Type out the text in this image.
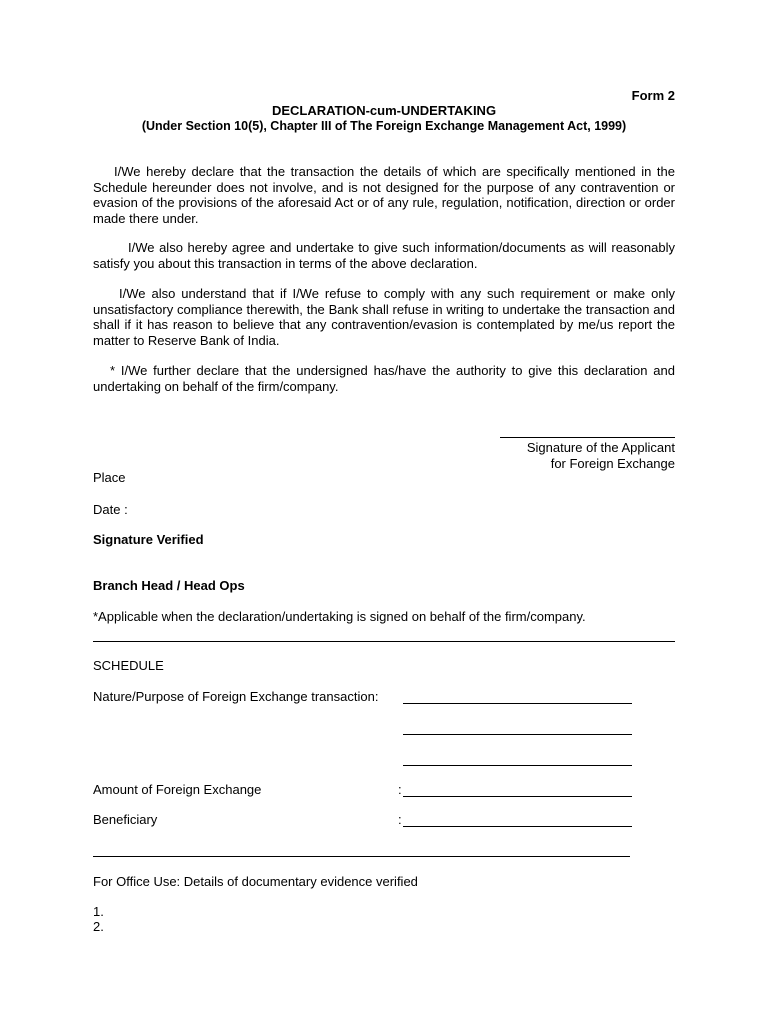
Form 2
DECLARATION-cum-UNDERTAKING
(Under Section 10(5), Chapter III of The Foreign Exchange Management Act, 1999)

I/We hereby declare that the transaction the details of which are specifically mentioned in the Schedule hereunder does not involve, and is not designed for the purpose of any contravention or evasion of the provisions of the aforesaid Act or of any rule, regulation, notification, direction or order made there under.

I/We also hereby agree and undertake to give such information/documents as will reasonably satisfy you about this transaction in terms of the above declaration.

I/We also understand that if I/We refuse to comply with any such requirement or make only unsatisfactory compliance therewith, the Bank shall refuse in writing to undertake the transaction and shall if it has reason to believe that any contravention/evasion is contemplated by me/us report the matter to Reserve Bank of India.

* I/We further declare that the undersigned has/have the authority to give this declaration and undertaking on behalf of the firm/company.

Signature of the Applicant
for Foreign Exchange
Place
Date :
Signature Verified
Branch Head / Head Ops
*Applicable when the declaration/undertaking is signed on behalf of the firm/company.
SCHEDULE
Nature/Purpose of Foreign Exchange transaction:
Amount of Foreign Exchange	:
Beneficiary	:
For Office Use: Details of documentary evidence verified
1.
2.
